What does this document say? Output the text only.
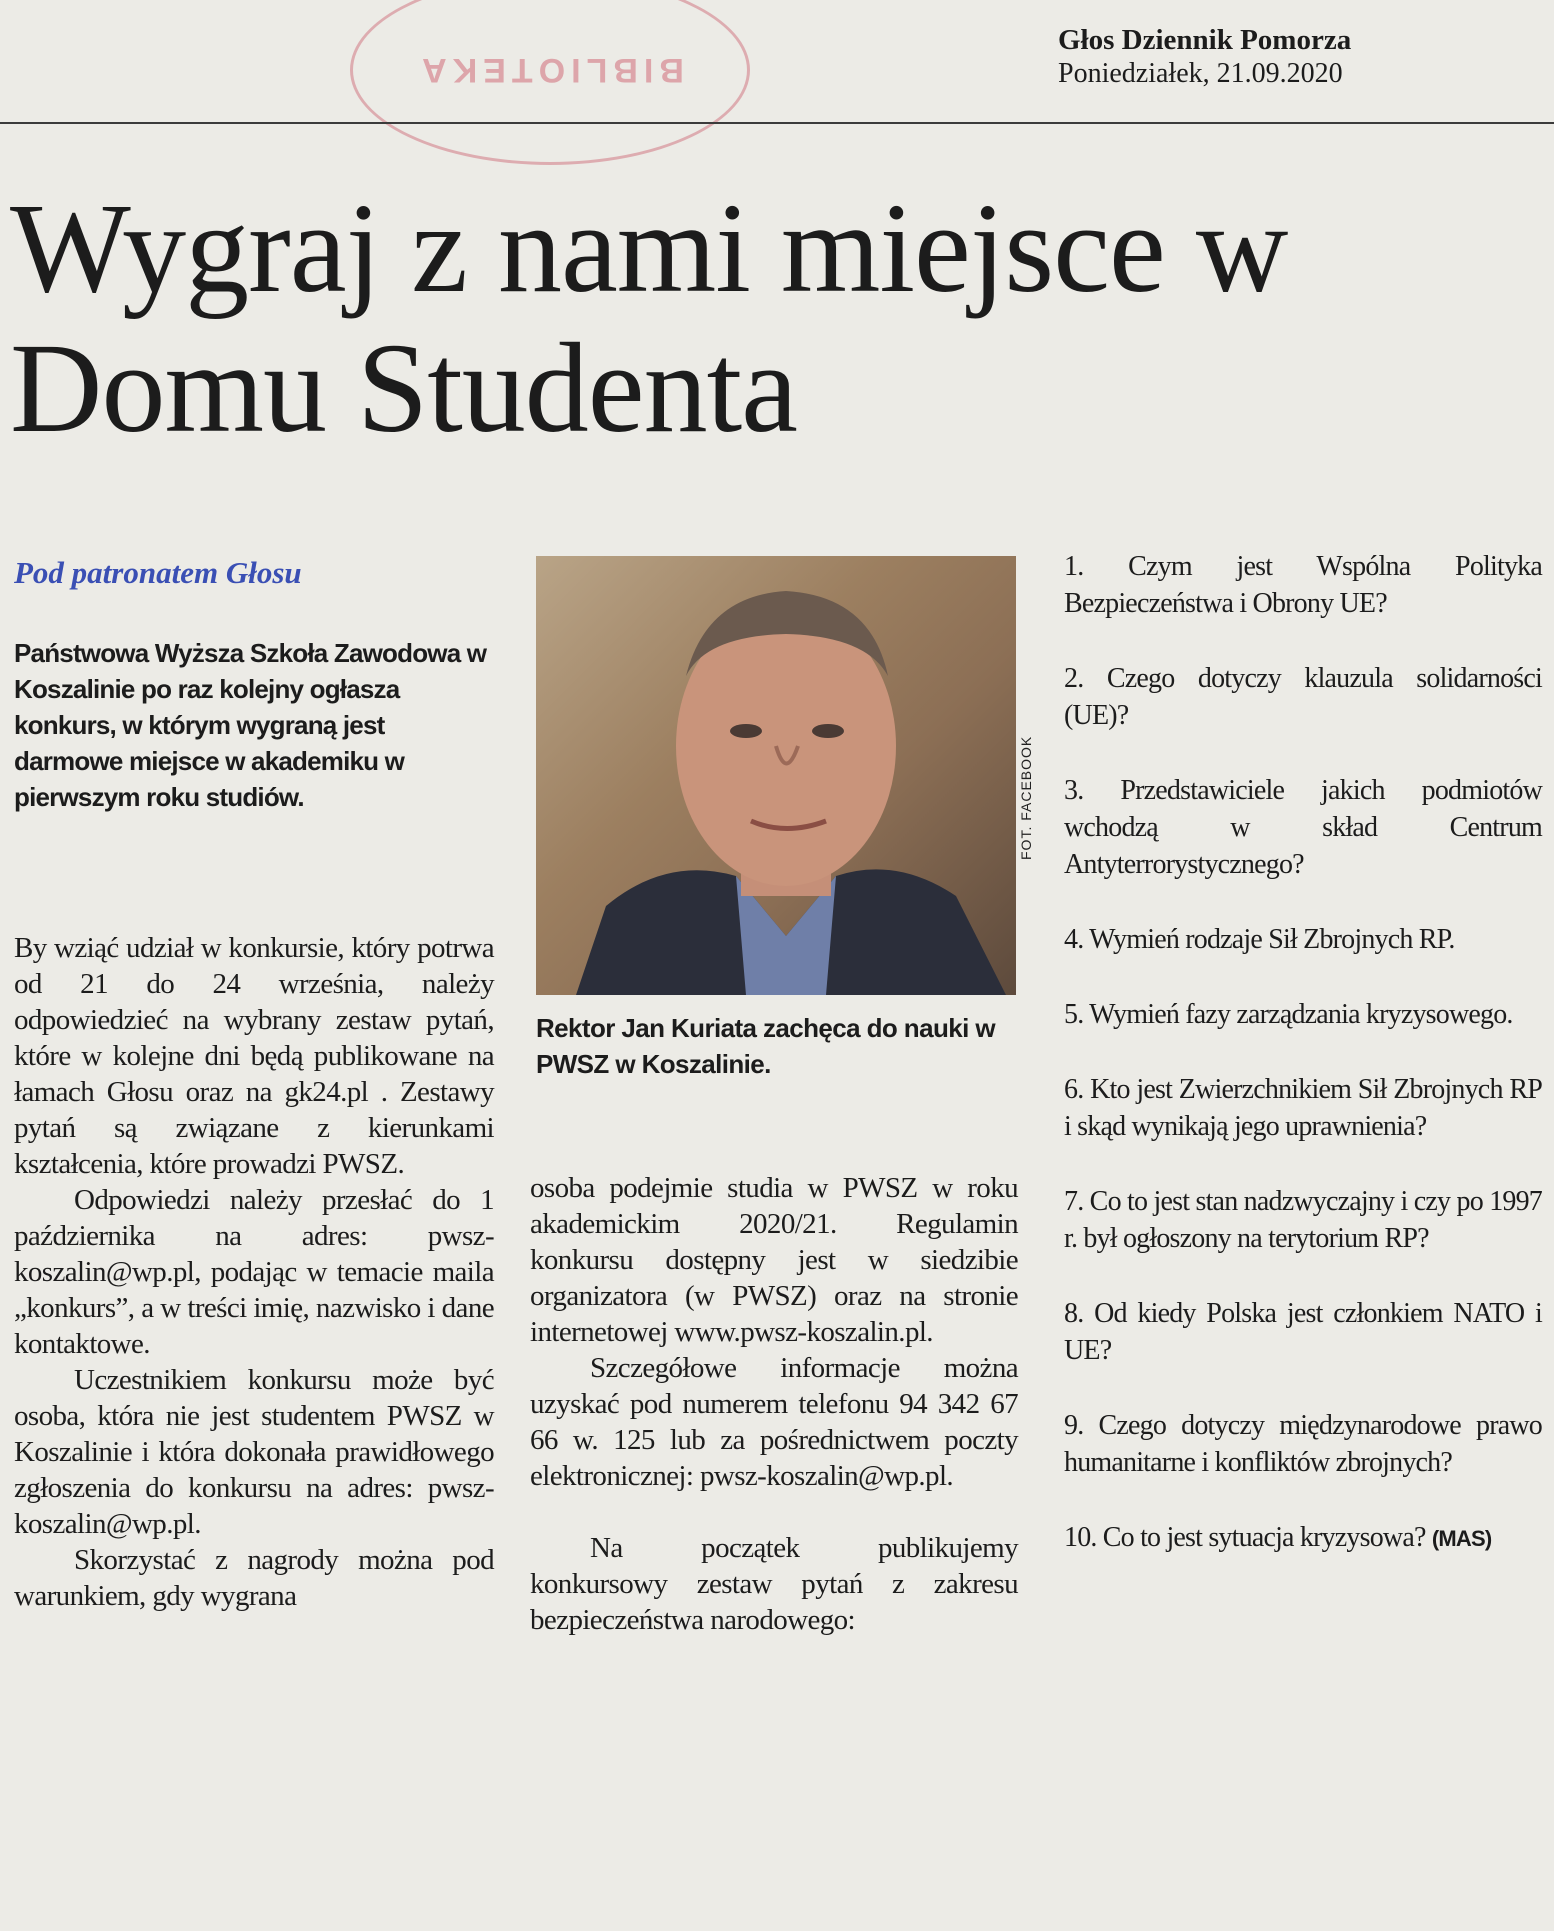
BIBLIOTEKA
Głos Dziennik Pomorza
Poniedziałek, 21.09.2020
Wygraj z nami miejsce w Domu Studenta
Pod patronatem Głosu

Państwowa Wyższa Szkoła Zawodowa w Koszalinie po raz kolejny ogłasza konkurs, w którym wygraną jest darmowe miejsce w akademiku w pierwszym roku studiów.

By wziąć udział w konkursie, który potrwa od 21 do 24 września, należy odpowiedzieć na wybrany zestaw pytań, które w kolejne dni będą publikowane na łamach Głosu oraz na gk24.pl . Zestawy pytań są związane z kierunkami kształcenia, które prowadzi PWSZ.

Odpowiedzi należy przesłać do 1 października na adres: pwsz-koszalin@wp.pl, podając w temacie maila „konkurs”, a w treści imię, nazwisko i dane kontaktowe.

Uczestnikiem konkursu może być osoba, która nie jest studentem PWSZ w Koszalinie i która dokonała prawidłowego zgłoszenia do konkursu na adres: pwsz-koszalin@wp.pl.

Skorzystać z nagrody można pod warunkiem, gdy wygrana

FOT. FACEBOOK

Rektor Jan Kuriata zachęca do nauki w PWSZ w Koszalinie.

osoba podejmie studia w PWSZ w roku akademickim 2020/21. Regulamin konkursu dostępny jest w siedzibie organizatora (w PWSZ) oraz na stronie internetowej www.pwsz-koszalin.pl.

Szczegółowe informacje można uzyskać pod numerem telefonu 94 342 67 66 w. 125 lub za pośrednictwem poczty elektronicznej: pwsz-koszalin@wp.pl.

Na początek publikujemy konkursowy zestaw pytań z zakresu bezpieczeństwa narodowego:

1. Czym jest Wspólna Polityka Bezpieczeństwa i Obrony UE?
2. Czego dotyczy klauzula solidarności (UE)?
3. Przedstawiciele jakich podmiotów wchodzą w skład Centrum Antyterrorystycznego?
4. Wymień rodzaje Sił Zbrojnych RP.
5. Wymień fazy zarządzania kryzysowego.
6. Kto jest Zwierzchnikiem Sił Zbrojnych RP i skąd wynikają jego uprawnienia?
7. Co to jest stan nadzwyczajny i czy po 1997 r. był ogłoszony na terytorium RP?
8. Od kiedy Polska jest członkiem NATO i UE?
9. Czego dotyczy międzynarodowe prawo humanitarne i konfliktów zbrojnych?
10. Co to jest sytuacja kryzysowa? (MAS)
